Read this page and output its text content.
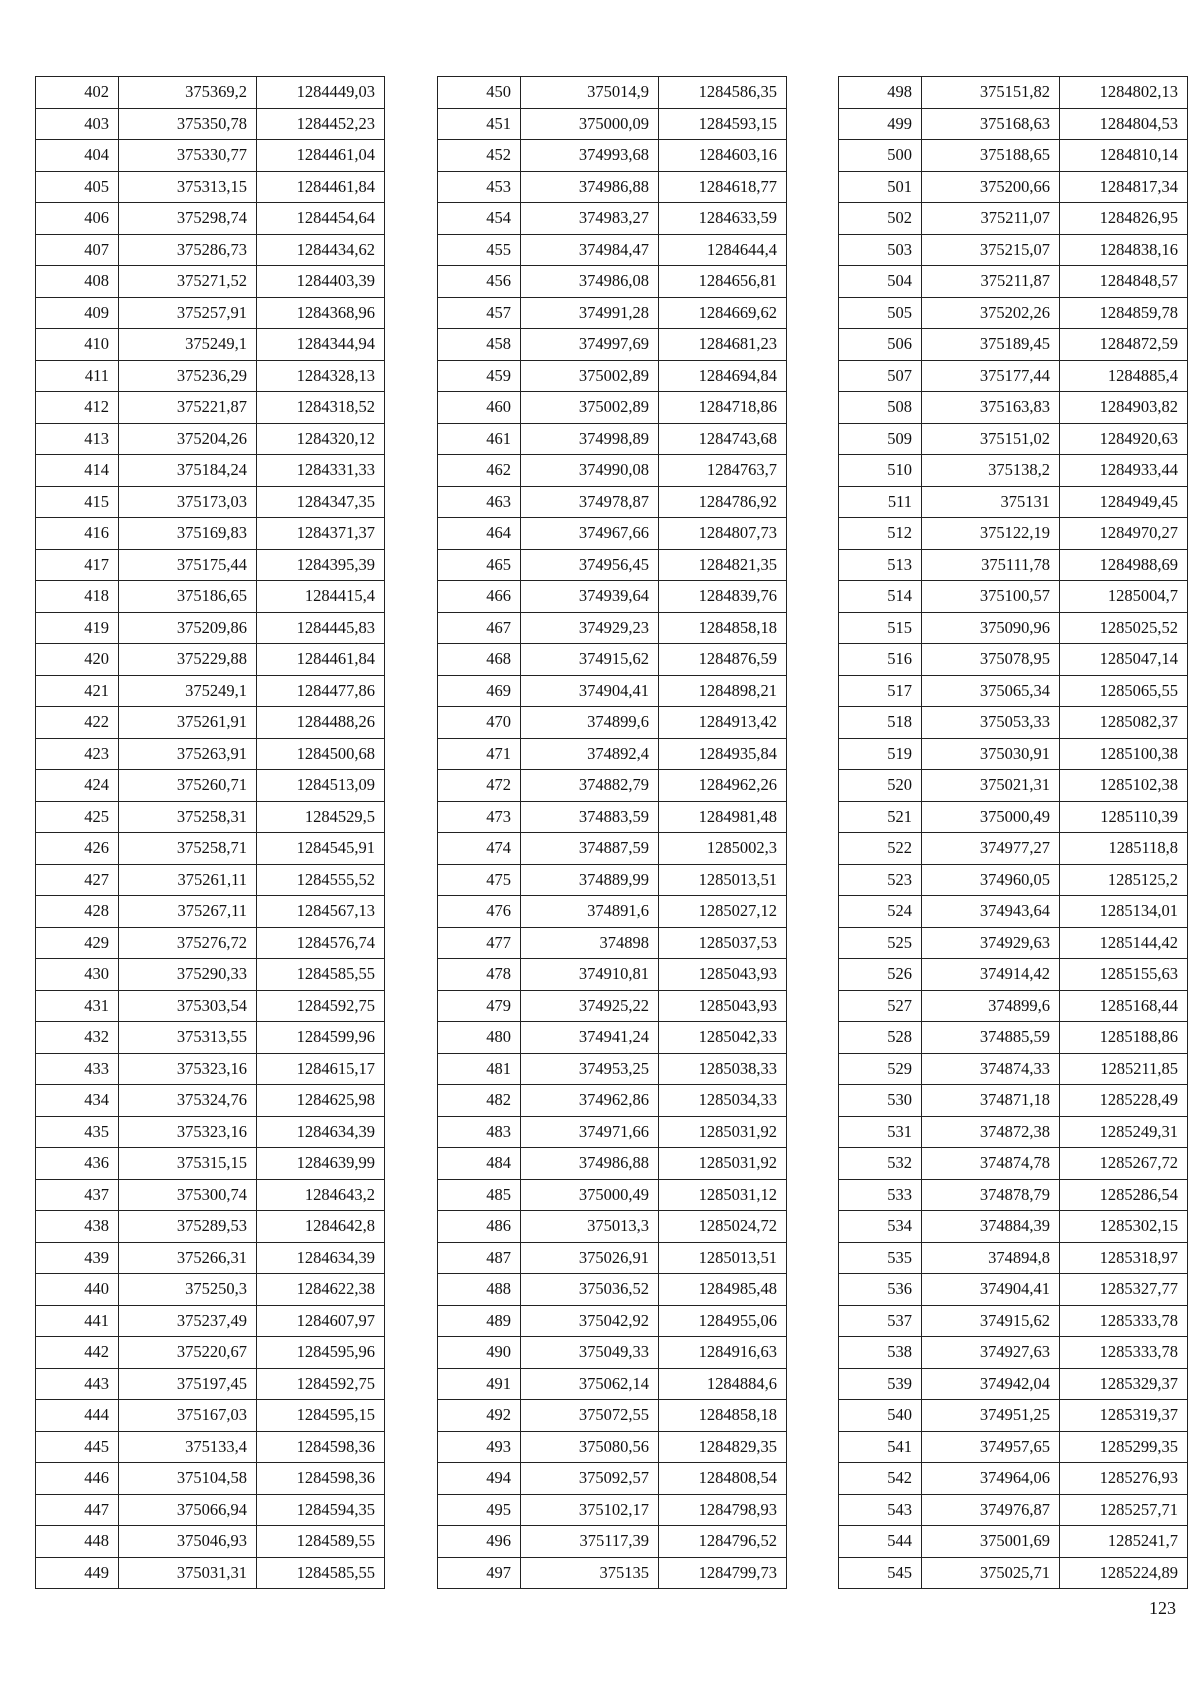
402	375369,2	1284449,03
403	375350,78	1284452,23
404	375330,77	1284461,04
405	375313,15	1284461,84
406	375298,74	1284454,64
407	375286,73	1284434,62
408	375271,52	1284403,39
409	375257,91	1284368,96
410	375249,1	1284344,94
411	375236,29	1284328,13
412	375221,87	1284318,52
413	375204,26	1284320,12
414	375184,24	1284331,33
415	375173,03	1284347,35
416	375169,83	1284371,37
417	375175,44	1284395,39
418	375186,65	1284415,4
419	375209,86	1284445,83
420	375229,88	1284461,84
421	375249,1	1284477,86
422	375261,91	1284488,26
423	375263,91	1284500,68
424	375260,71	1284513,09
425	375258,31	1284529,5
426	375258,71	1284545,91
427	375261,11	1284555,52
428	375267,11	1284567,13
429	375276,72	1284576,74
430	375290,33	1284585,55
431	375303,54	1284592,75
432	375313,55	1284599,96
433	375323,16	1284615,17
434	375324,76	1284625,98
435	375323,16	1284634,39
436	375315,15	1284639,99
437	375300,74	1284643,2
438	375289,53	1284642,8
439	375266,31	1284634,39
440	375250,3	1284622,38
441	375237,49	1284607,97
442	375220,67	1284595,96
443	375197,45	1284592,75
444	375167,03	1284595,15
445	375133,4	1284598,36
446	375104,58	1284598,36
447	375066,94	1284594,35
448	375046,93	1284589,55
449	375031,31	1284585,55
450	375014,9	1284586,35
451	375000,09	1284593,15
452	374993,68	1284603,16
453	374986,88	1284618,77
454	374983,27	1284633,59
455	374984,47	1284644,4
456	374986,08	1284656,81
457	374991,28	1284669,62
458	374997,69	1284681,23
459	375002,89	1284694,84
460	375002,89	1284718,86
461	374998,89	1284743,68
462	374990,08	1284763,7
463	374978,87	1284786,92
464	374967,66	1284807,73
465	374956,45	1284821,35
466	374939,64	1284839,76
467	374929,23	1284858,18
468	374915,62	1284876,59
469	374904,41	1284898,21
470	374899,6	1284913,42
471	374892,4	1284935,84
472	374882,79	1284962,26
473	374883,59	1284981,48
474	374887,59	1285002,3
475	374889,99	1285013,51
476	374891,6	1285027,12
477	374898	1285037,53
478	374910,81	1285043,93
479	374925,22	1285043,93
480	374941,24	1285042,33
481	374953,25	1285038,33
482	374962,86	1285034,33
483	374971,66	1285031,92
484	374986,88	1285031,92
485	375000,49	1285031,12
486	375013,3	1285024,72
487	375026,91	1285013,51
488	375036,52	1284985,48
489	375042,92	1284955,06
490	375049,33	1284916,63
491	375062,14	1284884,6
492	375072,55	1284858,18
493	375080,56	1284829,35
494	375092,57	1284808,54
495	375102,17	1284798,93
496	375117,39	1284796,52
497	375135	1284799,73
498	375151,82	1284802,13
499	375168,63	1284804,53
500	375188,65	1284810,14
501	375200,66	1284817,34
502	375211,07	1284826,95
503	375215,07	1284838,16
504	375211,87	1284848,57
505	375202,26	1284859,78
506	375189,45	1284872,59
507	375177,44	1284885,4
508	375163,83	1284903,82
509	375151,02	1284920,63
510	375138,2	1284933,44
511	375131	1284949,45
512	375122,19	1284970,27
513	375111,78	1284988,69
514	375100,57	1285004,7
515	375090,96	1285025,52
516	375078,95	1285047,14
517	375065,34	1285065,55
518	375053,33	1285082,37
519	375030,91	1285100,38
520	375021,31	1285102,38
521	375000,49	1285110,39
522	374977,27	1285118,8
523	374960,05	1285125,2
524	374943,64	1285134,01
525	374929,63	1285144,42
526	374914,42	1285155,63
527	374899,6	1285168,44
528	374885,59	1285188,86
529	374874,33	1285211,85
530	374871,18	1285228,49
531	374872,38	1285249,31
532	374874,78	1285267,72
533	374878,79	1285286,54
534	374884,39	1285302,15
535	374894,8	1285318,97
536	374904,41	1285327,77
537	374915,62	1285333,78
538	374927,63	1285333,78
539	374942,04	1285329,37
540	374951,25	1285319,37
541	374957,65	1285299,35
542	374964,06	1285276,93
543	374976,87	1285257,71
544	375001,69	1285241,7
545	375025,71	1285224,89
123
